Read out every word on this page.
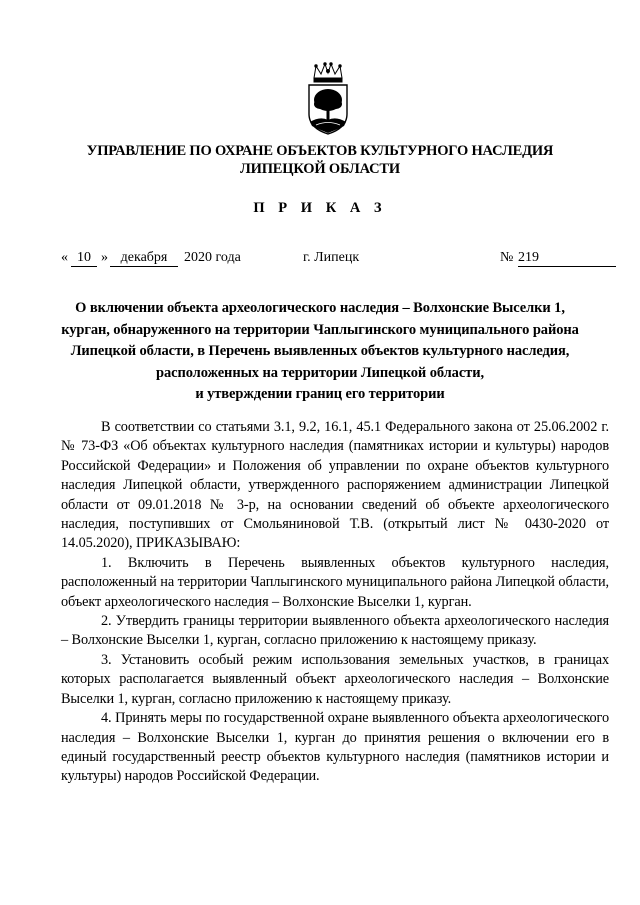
УПРАВЛЕНИЕ ПО ОХРАНЕ ОБЪЕКТОВ КУЛЬТУРНОГО НАСЛЕДИЯ
ЛИПЕЦКОЙ ОБЛАСТИ
П Р И К А З
« 10 » декабря	2020 года	г. Липецк	№ 219
О включении объекта археологического наследия – Волхонские Выселки 1,
курган, обнаруженного на территории Чаплыгинского муниципального района
Липецкой области, в Перечень выявленных объектов культурного наследия,
расположенных на территории Липецкой области,
и утверждении границ его территории

В соответствии со статьями 3.1, 9.2, 16.1, 45.1 Федерального закона от 25.06.2002 г. № 73-ФЗ «Об объектах культурного наследия (памятниках истории и культуры) народов Российской Федерации» и Положения об управлении по охране объектов культурного наследия Липецкой области, утвержденного распоряжением администрации Липецкой области от 09.01.2018 № 3-р, на основании сведений об объекте археологического наследия, поступивших от Смольяниновой Т.В. (открытый лист № 0430-2020 от 14.05.2020), ПРИКАЗЫВАЮ:

1. Включить в Перечень выявленных объектов культурного наследия, расположенный на территории Чаплыгинского муниципального района Липецкой области, объект археологического наследия – Волхонские Выселки 1, курган.

2. Утвердить границы территории выявленного объекта археологического наследия – Волхонские Выселки 1, курган, согласно приложению к настоящему приказу.

3. Установить особый режим использования земельных участков, в границах которых располагается выявленный объект археологического наследия – Волхонские Выселки 1, курган, согласно приложению к настоящему приказу.

4. Принять меры по государственной охране выявленного объекта археологического наследия – Волхонские Выселки 1, курган до принятия решения о включении его в единый государственный реестр объектов культурного наследия (памятников истории и культуры) народов Российской Федерации.
